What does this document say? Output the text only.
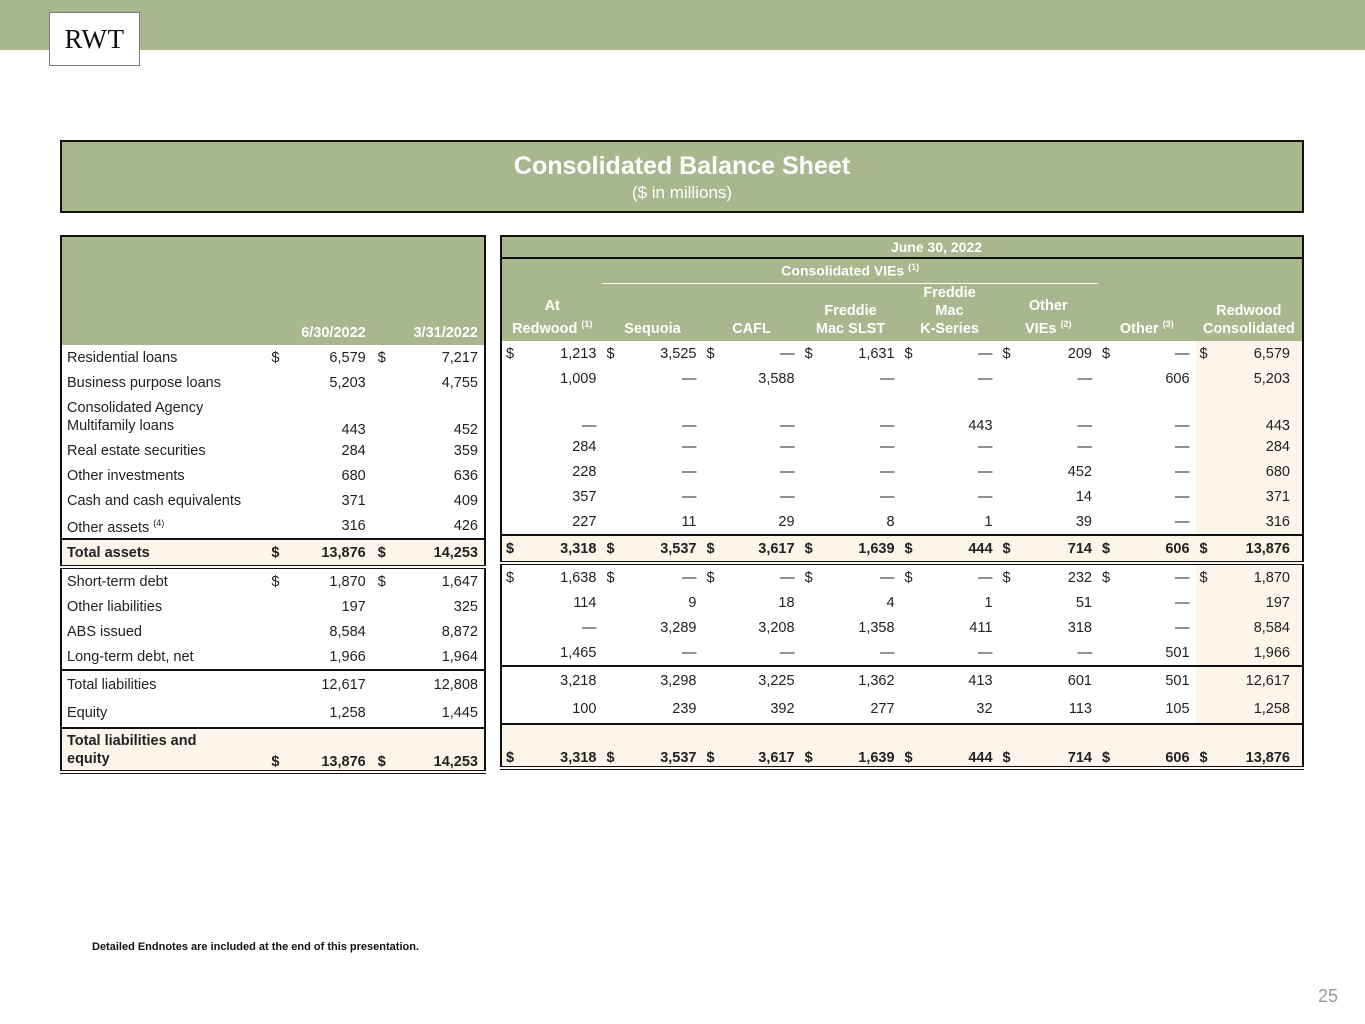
RWT
Consolidated Balance Sheet
($ in millions)
		6/30/2022		3/31/2022
Residential loans	$	6,579	$	7,217
Business purpose loans		5,203		4,755
Consolidated Agency
Multifamily loans		443		452
Real estate securities		284		359
Other investments		680		636
Cash and cash equivalents		371		409
Other assets $^{(4)}$		316		426
Total assets	$	13,876	$	14,253
Short-term debt	$	1,870	$	1,647
Other liabilities		197		325
ABS issued		8,584		8,872
Long-term debt, net		1,966		1,964
Total liabilities		12,617		12,808
Equity		1,258		1,445
Total liabilities and
equity	$	13,876	$	14,253
June 30, 2022															
		Consolidated VIEs $^{(1)}$	
At
Redwood $^{(1)}$		Sequoia		CAFL		Freddie
Mac SLST		Freddie
Mac
K-Series		Other
VIEs $^{(2)}$		Other $^{(3)}$		Redwood
Consolidated	
$	1,213	$	3,525	$	—	$	1,631	$	—	$	209	$	—	$	6,579
	1,009		—		3,588		—		—		—		606		5,203
	—		—		—		—		443		—		—		443
	284		—		—		—		—		—		—		284
	228		—		—		—		—		452		—		680
	357		—		—		—		—		14		—		371
	227		11		29		8		1		39		—		316
$	3,318	$	3,537	$	3,617	$	1,639	$	444	$	714	$	606	$	13,876
$	1,638	$	—	$	—	$	—	$	—	$	232	$	—	$	1,870
	114		9		18		4		1		51		—		197
	—		3,289		3,208		1,358		411		318		—		8,584
	1,465		—		—		—		—		—		501		1,966
	3,218		3,298		3,225		1,362		413		601		501		12,617
	100		239		392		277		32		113		105		1,258
$	3,318	$	3,537	$	3,617	$	1,639	$	444	$	714	$	606	$	13,876
Detailed Endnotes are included at the end of this presentation.
25
